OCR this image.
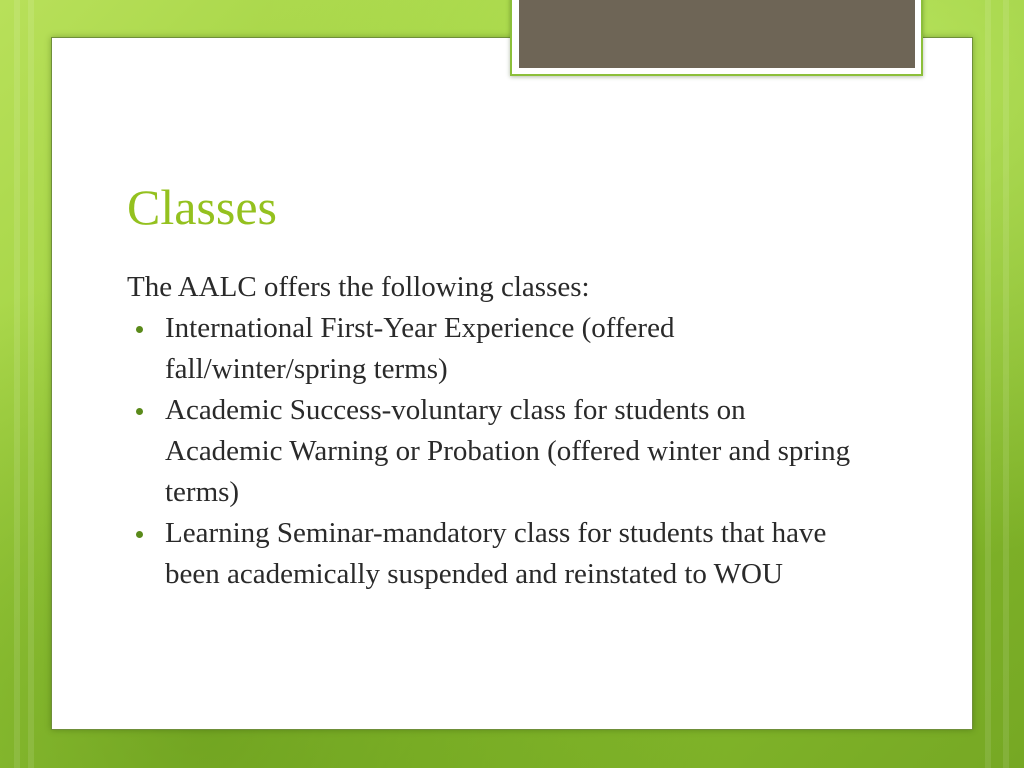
Classes

The AALC offers the following classes:

International First-Year Experience (offered fall/winter/spring terms)
Academic Success-voluntary class for students on Academic Warning or Probation (offered winter and spring terms)
Learning Seminar-mandatory class for students that have been academically suspended and reinstated to WOU
